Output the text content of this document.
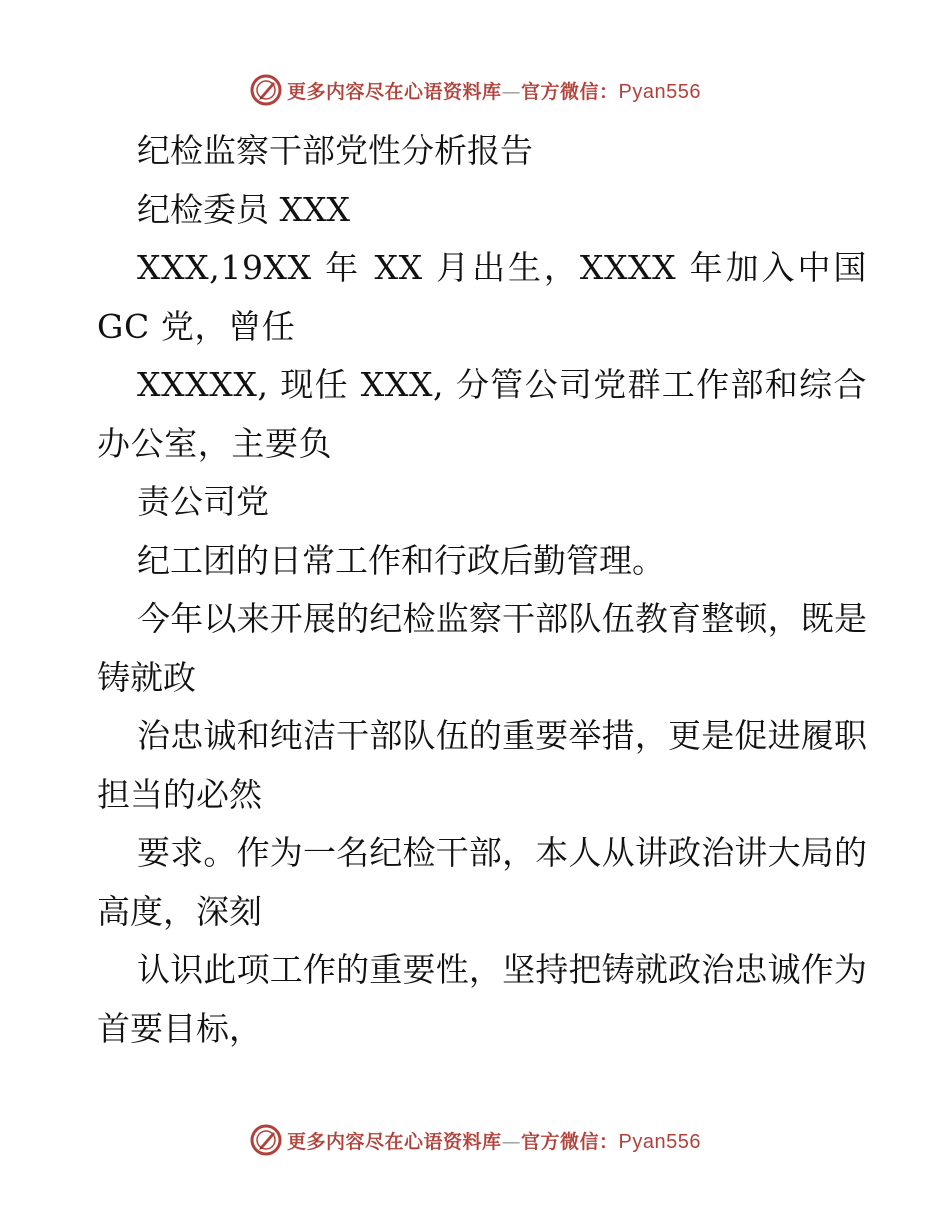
更多内容尽在心语资料库—官方微信：Pyan556

纪检监察干部党性分析报告

纪检委员 XXX

XXX,19XX 年 XX 月出生，XXXX 年加入中国 GC 党，曾任

XXXXX, 现任 XXX, 分管公司党群工作部和综合办公室，主要负

责公司党

纪工团的日常工作和行政后勤管理。

今年以来开展的纪检监察干部队伍教育整顿，既是铸就政

治忠诚和纯洁干部队伍的重要举措，更是促进履职担当的必然

要求。作为一名纪检干部，本人从讲政治讲大局的高度，深刻

认识此项工作的重要性，坚持把铸就政治忠诚作为首要目标，

更多内容尽在心语资料库—官方微信：Pyan556
